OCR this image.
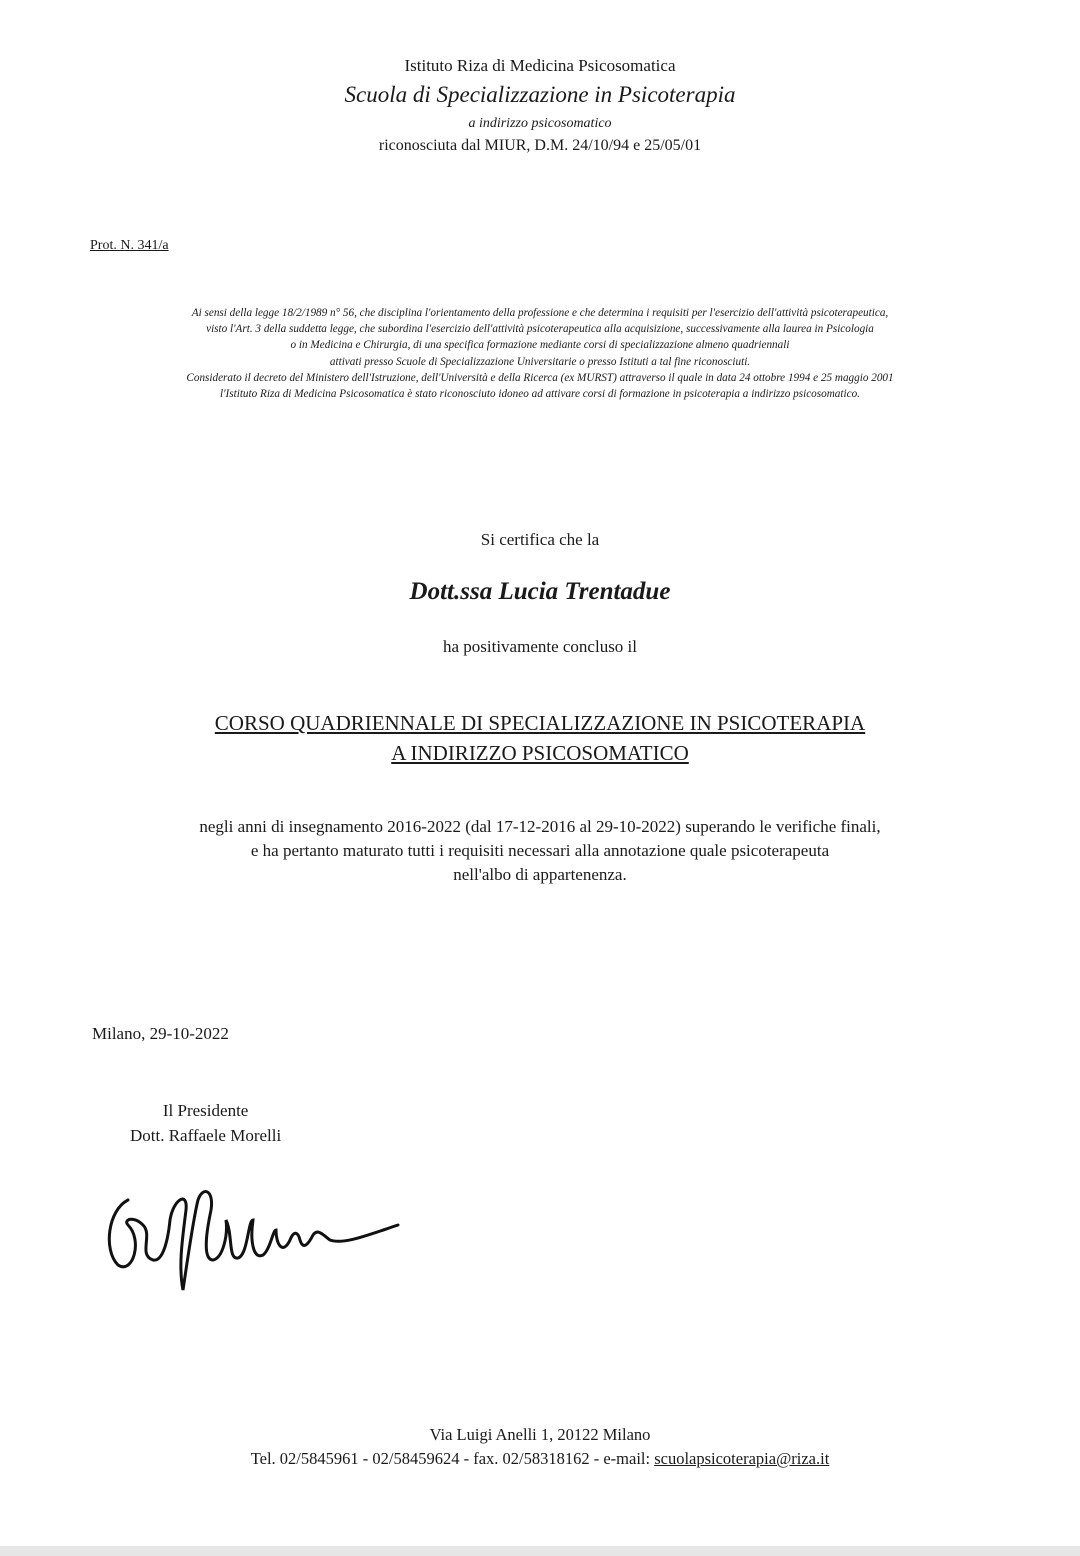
Istituto Riza di Medicina Psicosomatica
Scuola di Specializzazione in Psicoterapia
a indirizzo psicosomatico
riconosciuta dal MIUR, D.M. 24/10/94 e 25/05/01
Prot. N. 341/a
Ai sensi della legge 18/2/1989 n° 56, che disciplina l'orientamento della professione e che determina i requisiti per l'esercizio dell'attività psicoterapeutica,
visto l'Art. 3 della suddetta legge, che subordina l'esercizio dell'attività psicoterapeutica alla acquisizione, successivamente alla laurea in Psicologia
o in Medicina e Chirurgia, di una specifica formazione mediante corsi di specializzazione almeno quadriennali
attivati presso Scuole di Specializzazione Universitarie o presso Istituti a tal fine riconosciuti.
Considerato il decreto del Ministero dell'Istruzione, dell'Università e della Ricerca (ex MURST) attraverso il quale in data 24 ottobre 1994 e 25 maggio 2001
l'Istituto Riza di Medicina Psicosomatica è stato riconosciuto idoneo ad attivare corsi di formazione in psicoterapia a indirizzo psicosomatico.
Si certifica che la
Dott.ssa Lucia Trentadue
ha positivamente concluso il
CORSO QUADRIENNALE DI SPECIALIZZAZIONE IN PSICOTERAPIA
A INDIRIZZO PSICOSOMATICO
negli anni di insegnamento 2016-2022 (dal 17-12-2016 al 29-10-2022) superando le verifiche finali,
e ha pertanto maturato tutti i requisiti necessari alla annotazione quale psicoterapeuta
nell'albo di appartenenza.
Milano, 29-10-2022
Il Presidente
Dott. Raffaele Morelli
Via Luigi Anelli 1, 20122 Milano
Tel. 02/5845961 - 02/58459624 - fax. 02/58318162 - e-mail: scuolapsicoterapia@riza.it
